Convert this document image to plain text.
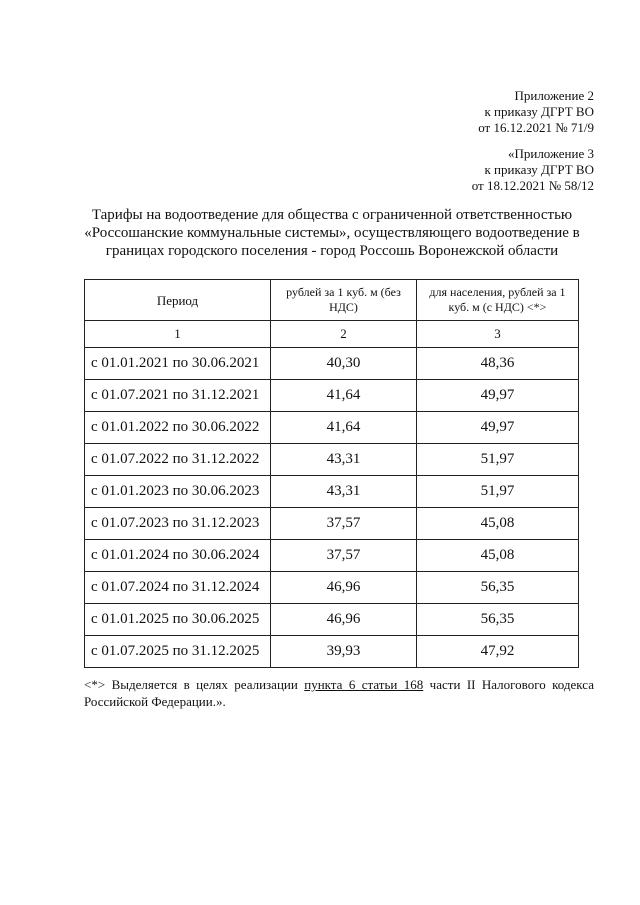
Приложение 2
к приказу ДГРТ ВО
от 16.12.2021 № 71/9
«Приложение 3
к приказу ДГРТ ВО
от 18.12.2021 № 58/12
Тарифы на водоотведение для общества с ограниченной ответственностью
«Россошанские коммунальные системы», осуществляющего водоотведение в
границах городского поселения - город Россошь Воронежской области
Период	рублей за 1 куб. м (без НДС)	для населения, рублей за 1 куб. м (с НДС) <*>
1	2	3
с 01.01.2021 по 30.06.2021	40,30	48,36
с 01.07.2021 по 31.12.2021	41,64	49,97
с 01.01.2022 по 30.06.2022	41,64	49,97
с 01.07.2022 по 31.12.2022	43,31	51,97
с 01.01.2023 по 30.06.2023	43,31	51,97
с 01.07.2023 по 31.12.2023	37,57	45,08
с 01.01.2024 по 30.06.2024	37,57	45,08
с 01.07.2024 по 31.12.2024	46,96	56,35
с 01.01.2025 по 30.06.2025	46,96	56,35
с 01.07.2025 по 31.12.2025	39,93	47,92
<*> Выделяется в целях реализации пункта 6 статьи 168 части II Налогового кодекса Российской Федерации.».
